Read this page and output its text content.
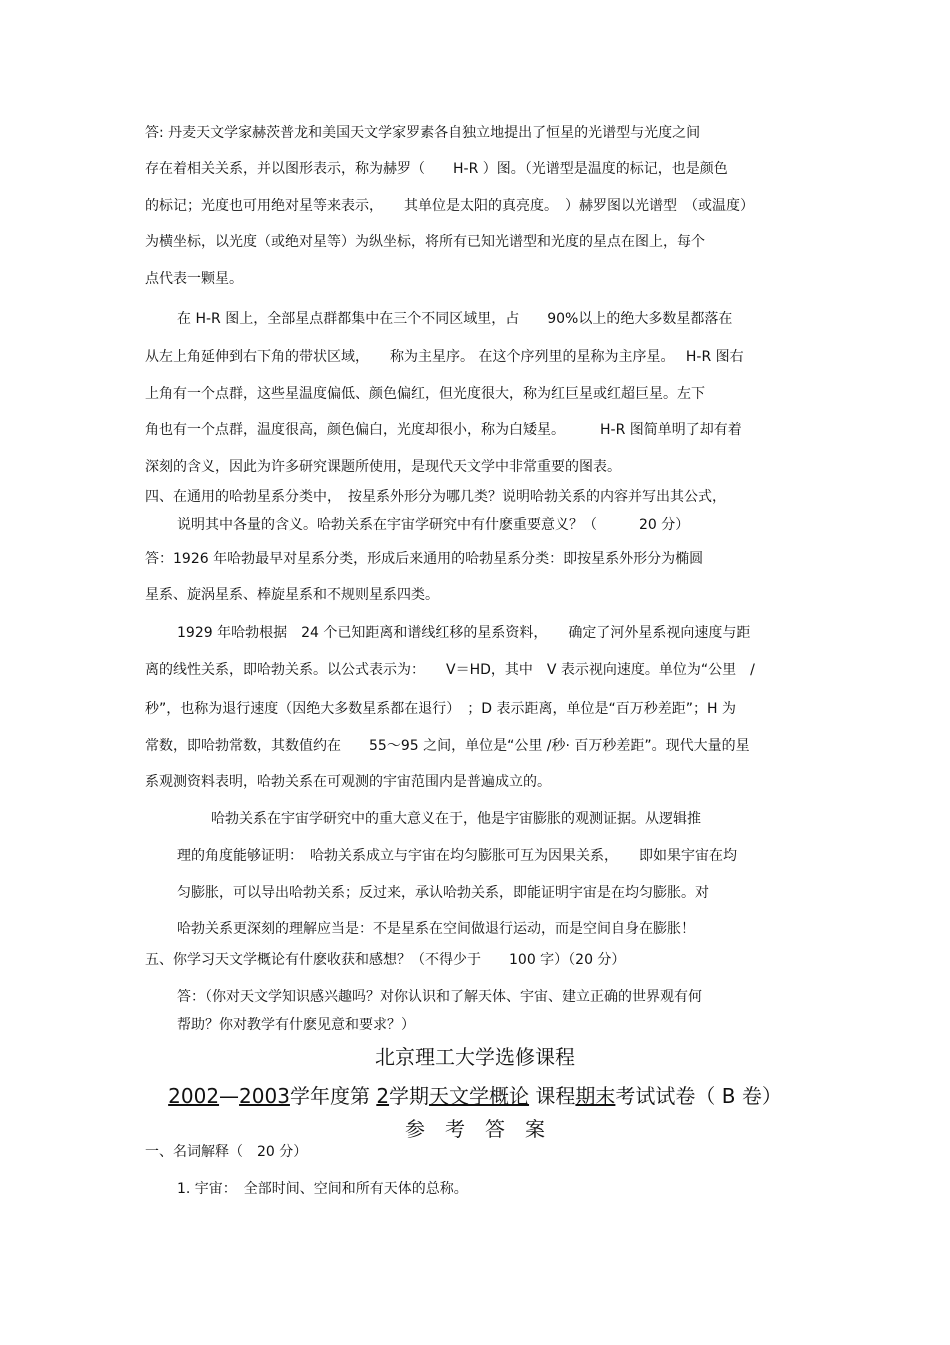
答: 丹麦天文学家赫茨普龙和美国天文学家罗素各自独立地提出了恒星的光谱型与光度之间
存在着相关关系，并以图形表示，称为赫罗（　　H-R ）图。（光谱型是温度的标记，也是颜色
的标记；光度也可用绝对星等来表示，　　其单位是太阳的真亮度。　）赫罗图以光谱型　（或温度）
为横坐标，以光度（或绝对星等）为纵坐标，将所有已知光谱型和光度的星点在图上，每个
点代表一颗星。
在 H-R 图上，全部星点群都集中在三个不同区域里，占　　90%以上的绝大多数星都落在
从左上角延伸到右下角的带状区域，　　称为主星序。 在这个序列里的星称为主序星。　 H-R 图右
上角有一个点群，这些星温度偏低、颜色偏红，但光度很大，称为红巨星或红超巨星。左下
角也有一个点群，温度很高，颜色偏白，光度却很小，称为白矮星。　　　H-R 图简单明了却有着
深刻的含义，因此为许多研究课题所使用，是现代天文学中非常重要的图表。
四、在通用的哈勃星系分类中，　按星系外形分为哪几类？说明哈勃关系的内容并写出其公式，
说明其中各量的含义。哈勃关系在宇宙学研究中有什麽重要意义？（　　　20 分）
答：1926 年哈勃最早对星系分类，形成后来通用的哈勃星系分类：即按星系外形分为椭圆
星系、旋涡星系、棒旋星系和不规则星系四类。
1929 年哈勃根据　24 个已知距离和谱线红移的星系资料，　　确定了河外星系视向速度与距
离的线性关系，即哈勃关系。以公式表示为：　　V＝HD，其中　V 表示视向速度。单位为“公里　/
秒”，也称为退行速度（因绝大多数星系都在退行）　；D 表示距离，单位是“百万秒差距”；H 为
常数，即哈勃常数，其数值约在　　55～95 之间，单位是“公里 /秒· 百万秒差距”。现代大量的星
系观测资料表明，哈勃关系在可观测的宇宙范围内是普遍成立的。
哈勃关系在宇宙学研究中的重大意义在于，他是宇宙膨胀的观测证据。从逻辑推
理的角度能够证明：　哈勃关系成立与宇宙在均匀膨胀可互为因果关系，　　即如果宇宙在均
匀膨胀，可以导出哈勃关系；反过来，承认哈勃关系，即能证明宇宙是在均匀膨胀。对
哈勃关系更深刻的理解应当是：不是星系在空间做退行运动，而是空间自身在膨胀！
五、你学习天文学概论有什麽收获和感想？（不得少于　　100 字）（20 分）
答：（你对天文学知识感兴趣吗？对你认识和了解天体、宇宙、建立正确的世界观有何
帮助？你对教学有什麽见意和要求？）
北京理工大学选修课程
2002—2003学年度第 2学期天文学概论 课程期末考试试卷（ B 卷）
参　考　答　案
一、名词解释（　20 分）
1. 宇宙：　全部时间、空间和所有天体的总称。
